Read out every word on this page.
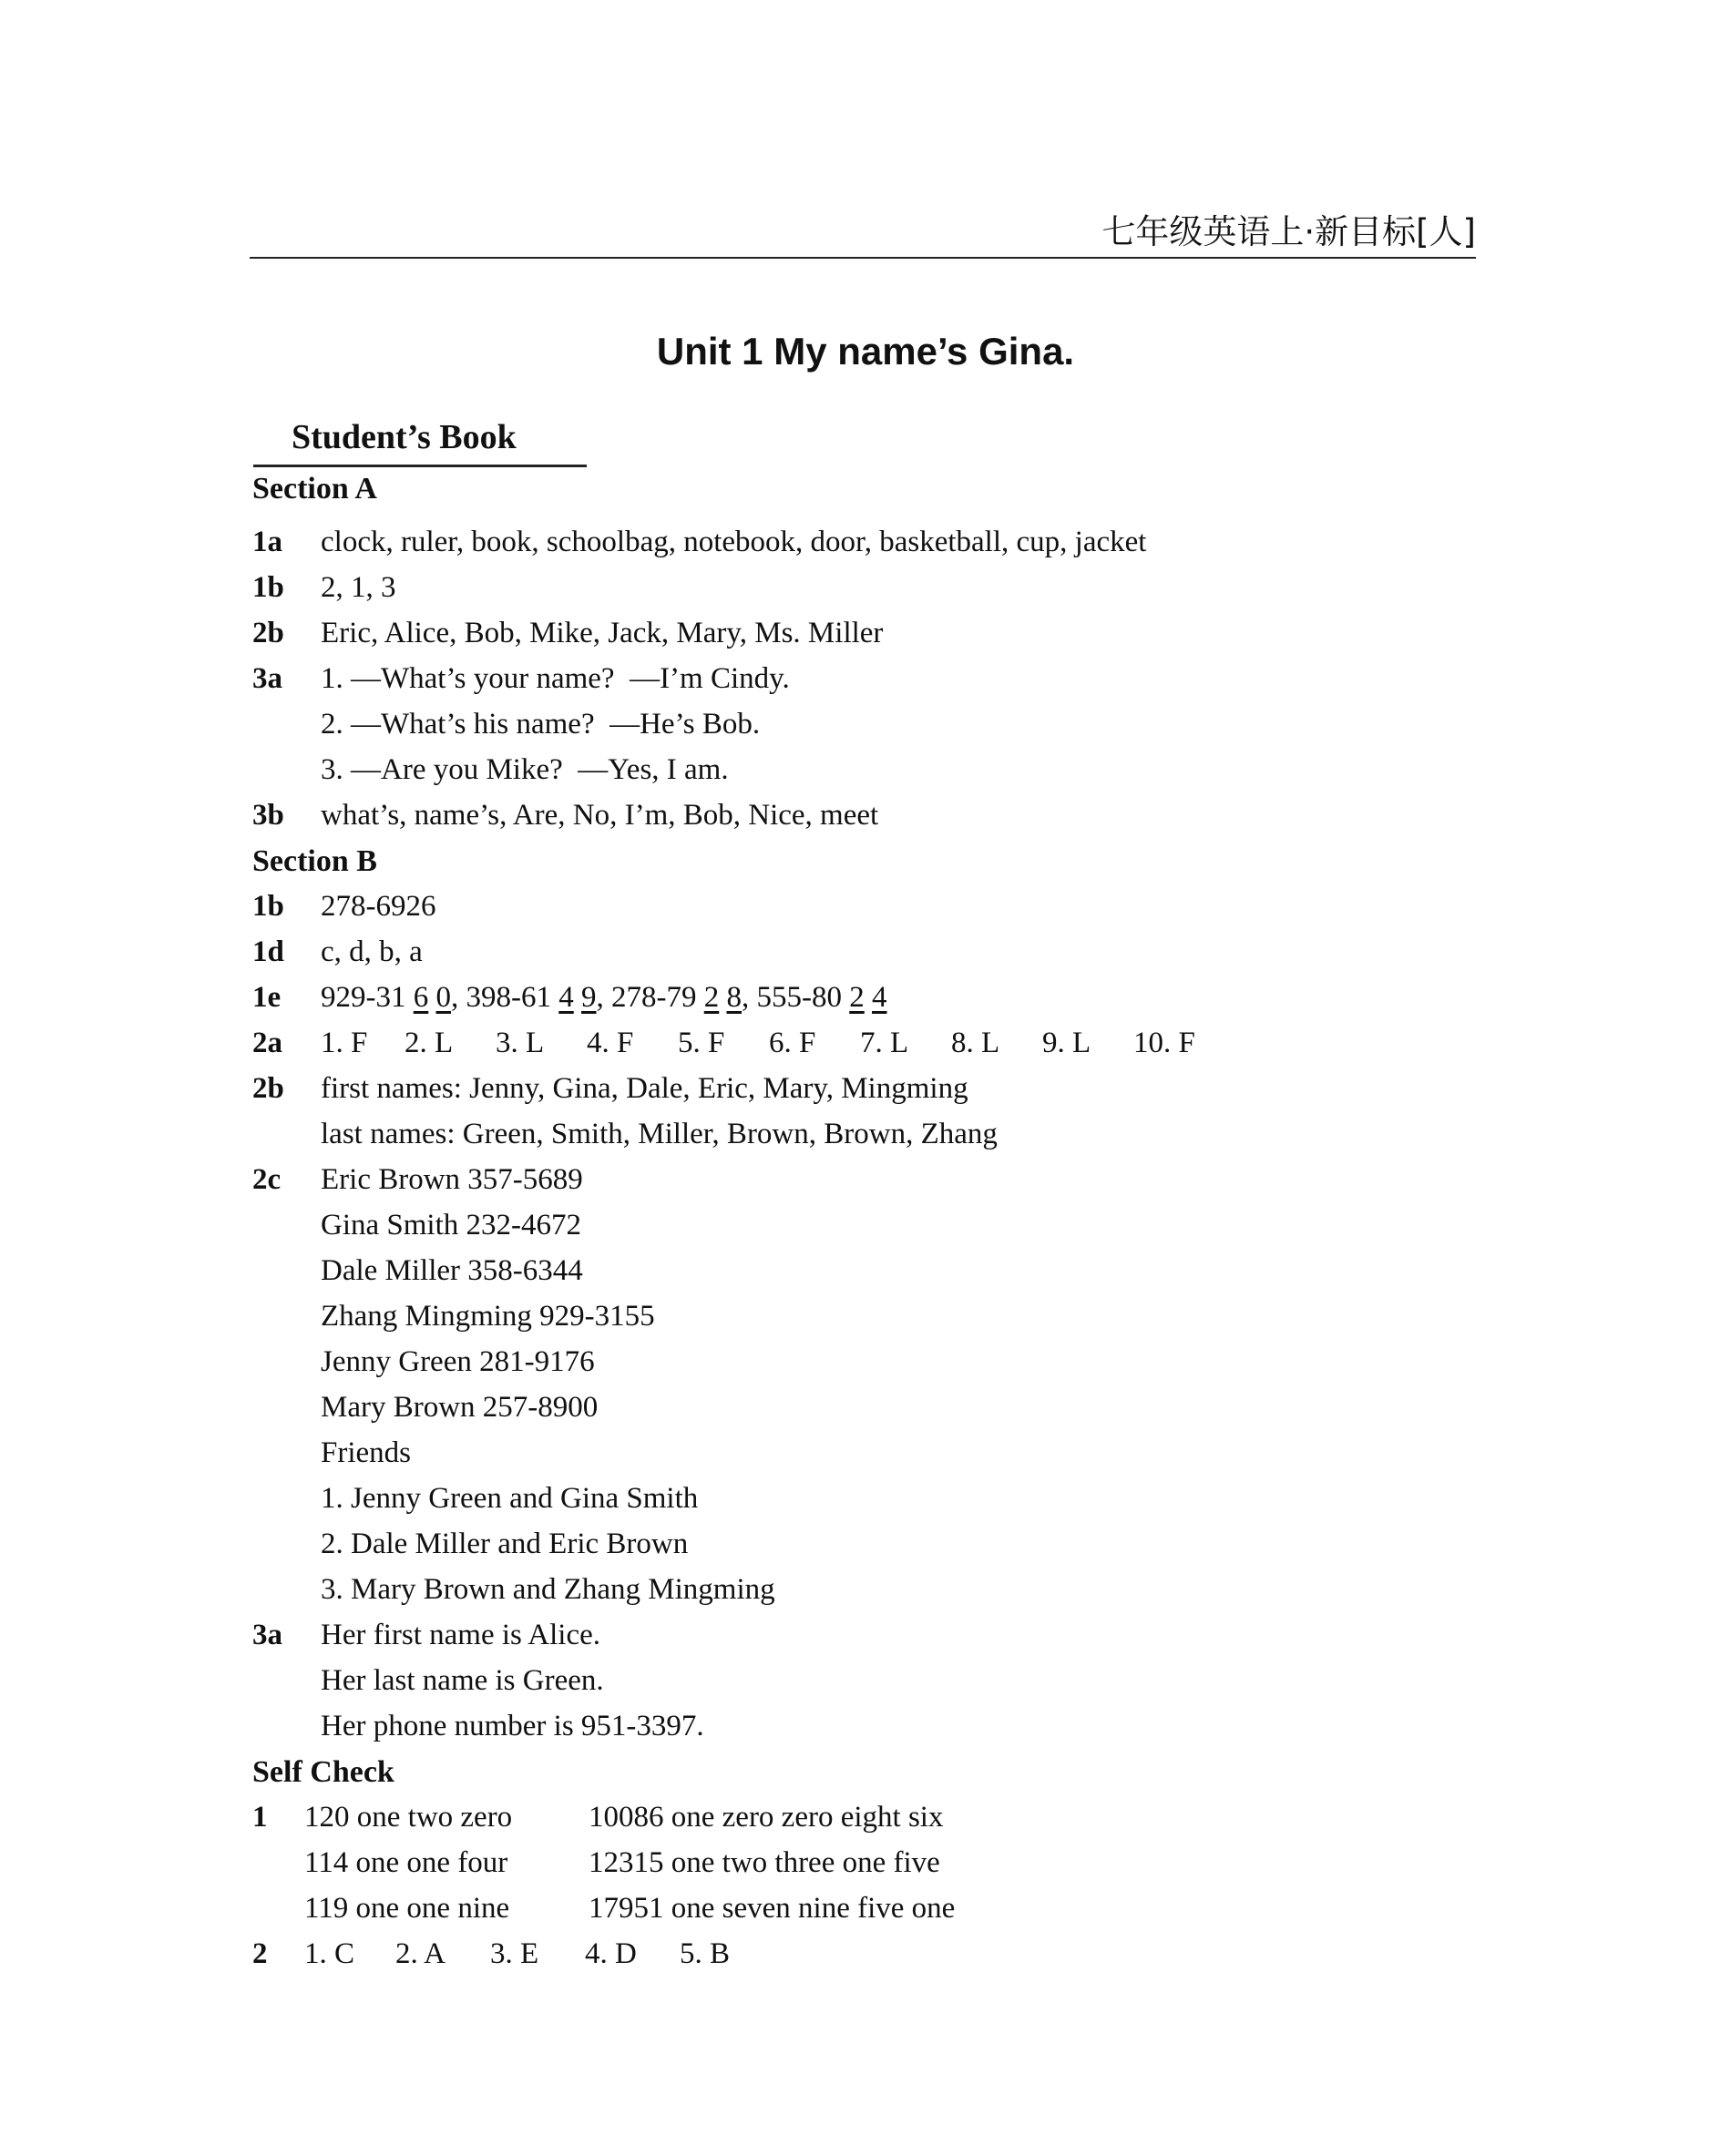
七年级英语上·新目标[人]
Unit 1 My name’s Gina.
Student’s Book
Section A
1a clock, ruler, book, schoolbag, notebook, door, basketball, cup, jacket
1b 2, 1, 3
2b Eric, Alice, Bob, Mike, Jack, Mary, Ms. Miller
3a 1. —What’s your name?  —I’m Cindy.
2. —What’s his name?  —He’s Bob.
3. —Are you Mike?  —Yes, I am.
3b what’s, name’s, Are, No, I’m, Bob, Nice, meet
Section B
1b 278-6926
1d c, d, b, a
1e 929-31 6 0, 398-61 4 9, 278-79 2 8, 555-80 2 4
2a 1. F 2. L 3. L 4. F 5. F 6. F 7. L 8. L 9. L 10. F
2b first names: Jenny, Gina, Dale, Eric, Mary, Mingming
last names: Green, Smith, Miller, Brown, Brown, Zhang
2c Eric Brown 357-5689
Gina Smith 232-4672
Dale Miller 358-6344
Zhang Mingming 929-3155
Jenny Green 281-9176
Mary Brown 257-8900
Friends
1. Jenny Green and Gina Smith
2. Dale Miller and Eric Brown
3. Mary Brown and Zhang Mingming
3a Her first name is Alice.
Her last name is Green.
Her phone number is 951-3397.
Self Check
1 120 one two zero	10086 one zero zero eight six
114 one one four	12315 one two three one five
119 one one nine	17951 one seven nine five one
2 1. C 2. A 3. E 4. D 5. B
